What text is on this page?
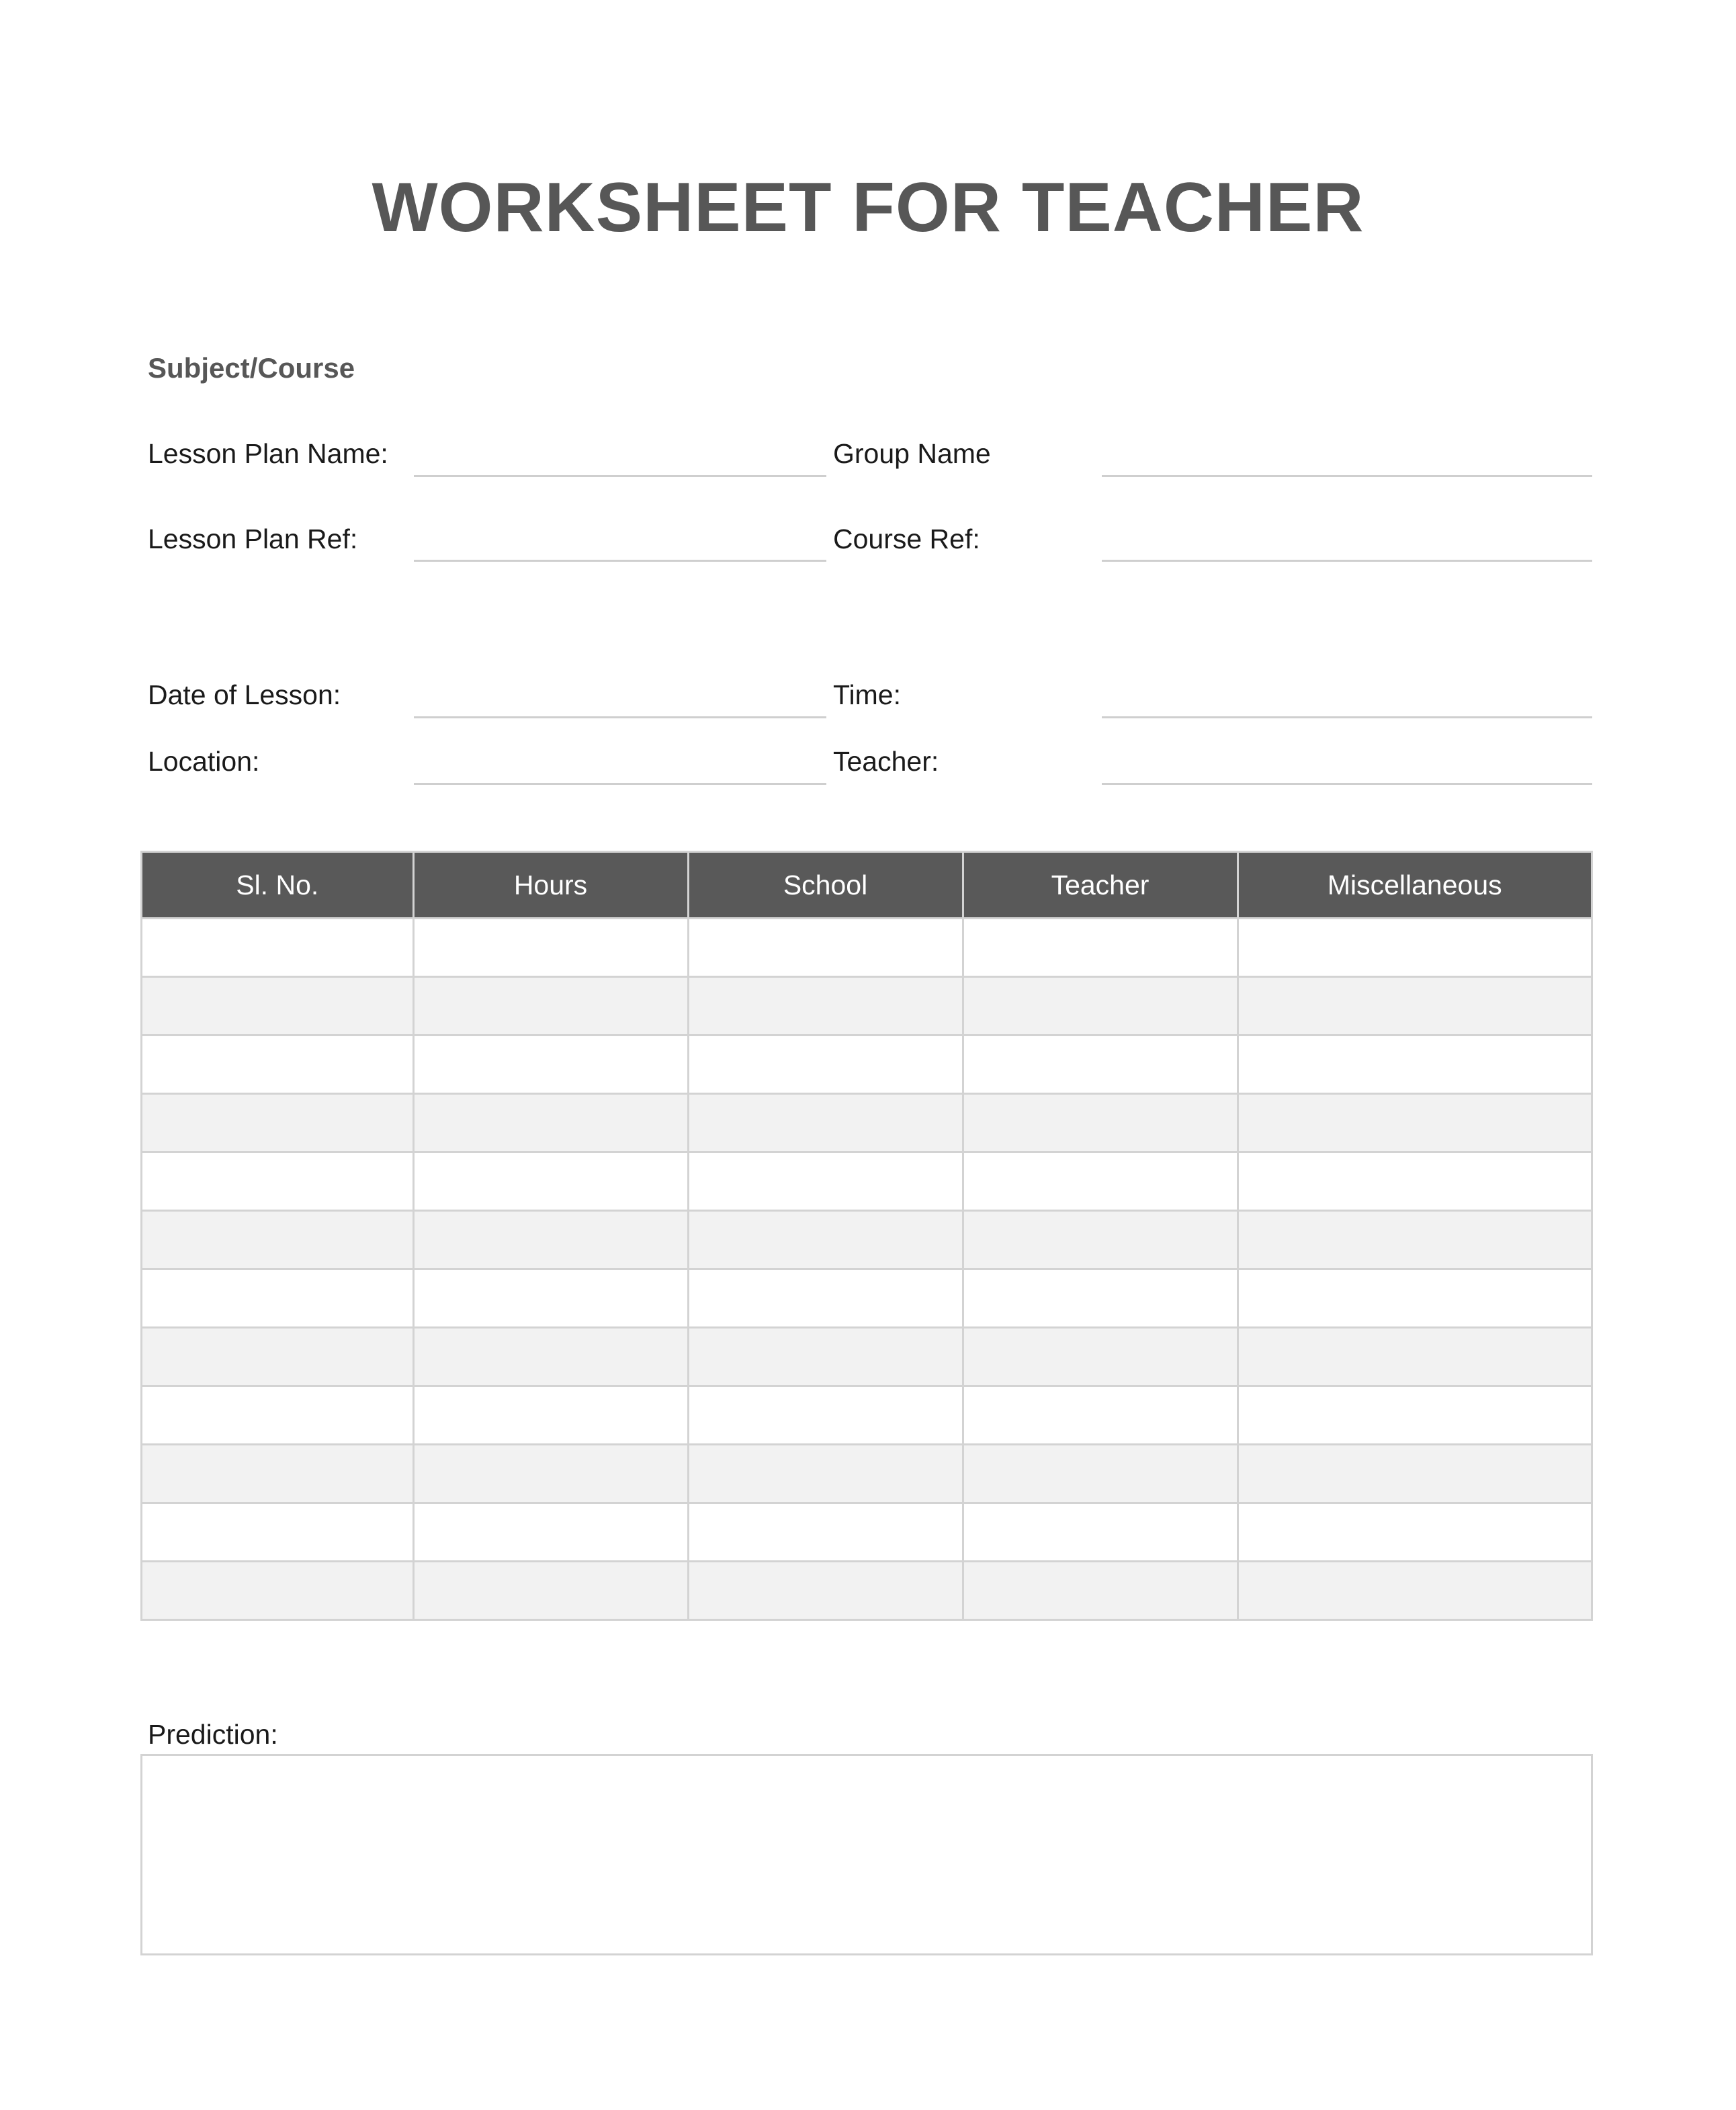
WORKSHEET FOR TEACHER
Subject/Course
Lesson Plan Name:	Group Name
Lesson Plan Ref:	Course Ref:
Date of Lesson:	Time:
Location:	Teacher:
Sl. No.	Hours	School	Teacher	Miscellaneous

Prediction:
